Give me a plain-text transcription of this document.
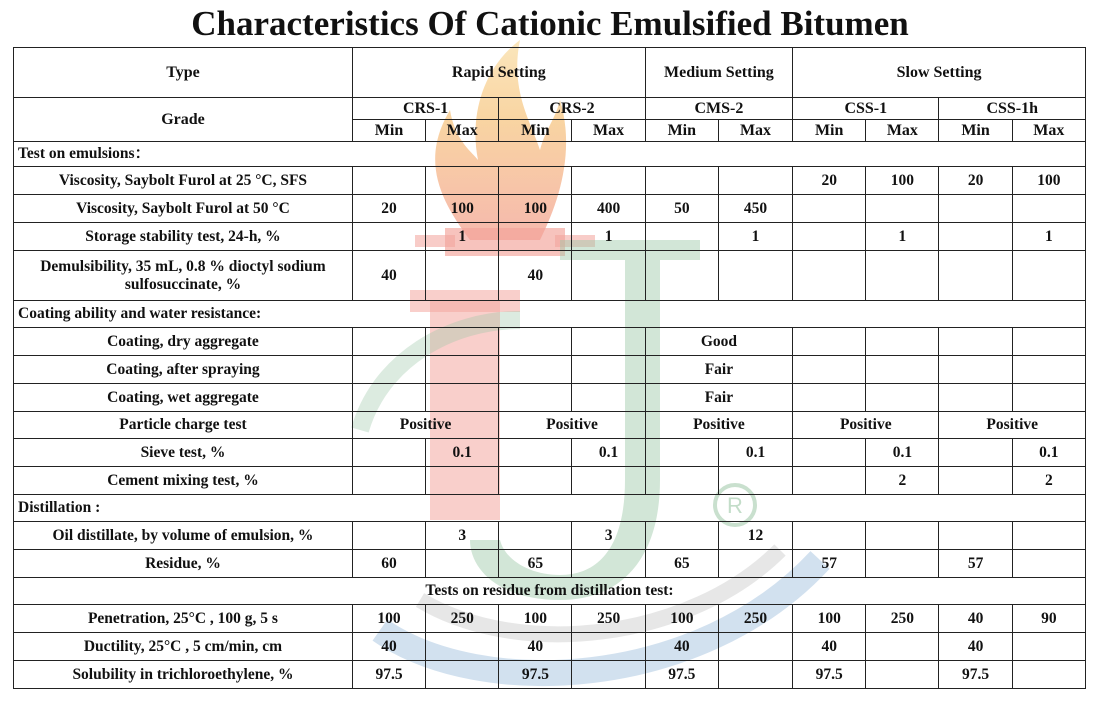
R
Characteristics Of Cationic Emulsified Bitumen
Type	Rapid Setting				Medium Setting		Slow Setting			
Grade	CRS-1		CRS-2		CMS-2		CSS-1		CSS-1h	
	Min	Max	Min	Max	Min	Max	Min	Max	Min	Max
Test on emulsions：										
Viscosity, Saybolt Furol at 25 °C, SFS							20	100	20	100
Viscosity, Saybolt Furol at 50 °C	20	100	100	400	50	450				
Storage stability test, 24-h, %		1		1		1		1		1
Demulsibility, 35 mL, 0.8 % dioctyl sodium sulfosuccinate, %	40		40							
Coating ability and water resistance:										
Coating, dry aggregate					Good					
Coating, after spraying					Fair					
Coating, wet aggregate					Fair					
Particle charge test	Positive		Positive		Positive		Positive		Positive	
Sieve test, %		0.1		0.1		0.1		0.1		0.1
Cement mixing test, %								2		2
Distillation :										
Oil distillate, by volume of emulsion, %		3		3		12				
Residue, %	60		65		65		57		57	
Tests on residue from distillation test:										
Penetration, 25°C , 100 g, 5 s	100	250	100	250	100	250	100	250	40	90
Ductility, 25°C , 5 cm/min, cm	40		40		40		40		40	
Solubility in trichloroethylene, %	97.5		97.5		97.5		97.5		97.5	
